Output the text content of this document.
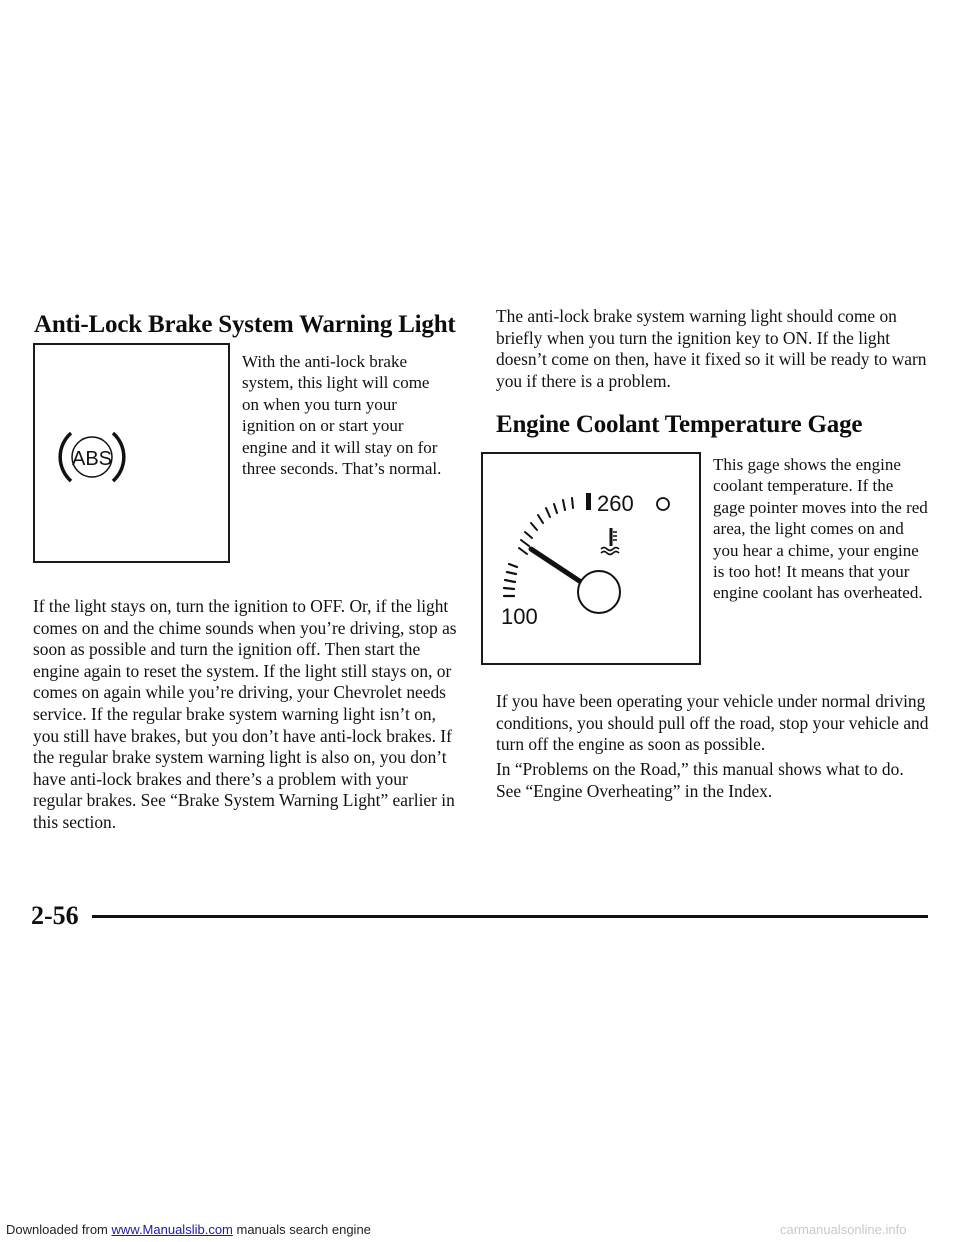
Anti-Lock Brake System Warning Light
ABS

With the anti-lock brake system, this light will come on when you turn your ignition on or start your engine and it will stay on for three seconds. That’s normal.

If the light stays on, turn the ignition to OFF. Or, if the light comes on and the chime sounds when you’re driving, stop as soon as possible and turn the ignition off. Then start the engine again to reset the system. If the light still stays on, or comes on again while you’re driving, your Chevrolet needs service. If the regular brake system warning light isn’t on, you still have brakes, but you don’t have anti-lock brakes. If the regular brake system warning light is also on, you don’t have anti-lock brakes and there’s a problem with your regular brakes. See “Brake System Warning Light” earlier in this section.

The anti-lock brake system warning light should come on briefly when you turn the ignition key to ON. If the light doesn’t come on then, have it fixed so it will be ready to warn you if there is a problem.

Engine Coolant Temperature Gage
260
100

This gage shows the engine coolant temperature. If the gage pointer moves into the red area, the light comes on and you hear a chime, your engine is too hot! It means that your engine coolant has overheated.

If you have been operating your vehicle under normal driving conditions, you should pull off the road, stop your vehicle and turn off the engine as soon as possible.

In “Problems on the Road,” this manual shows what to do. See “Engine Overheating” in the Index.

2-56
Downloaded from www.Manualslib.com manuals search engine	carmanualsonline.info
